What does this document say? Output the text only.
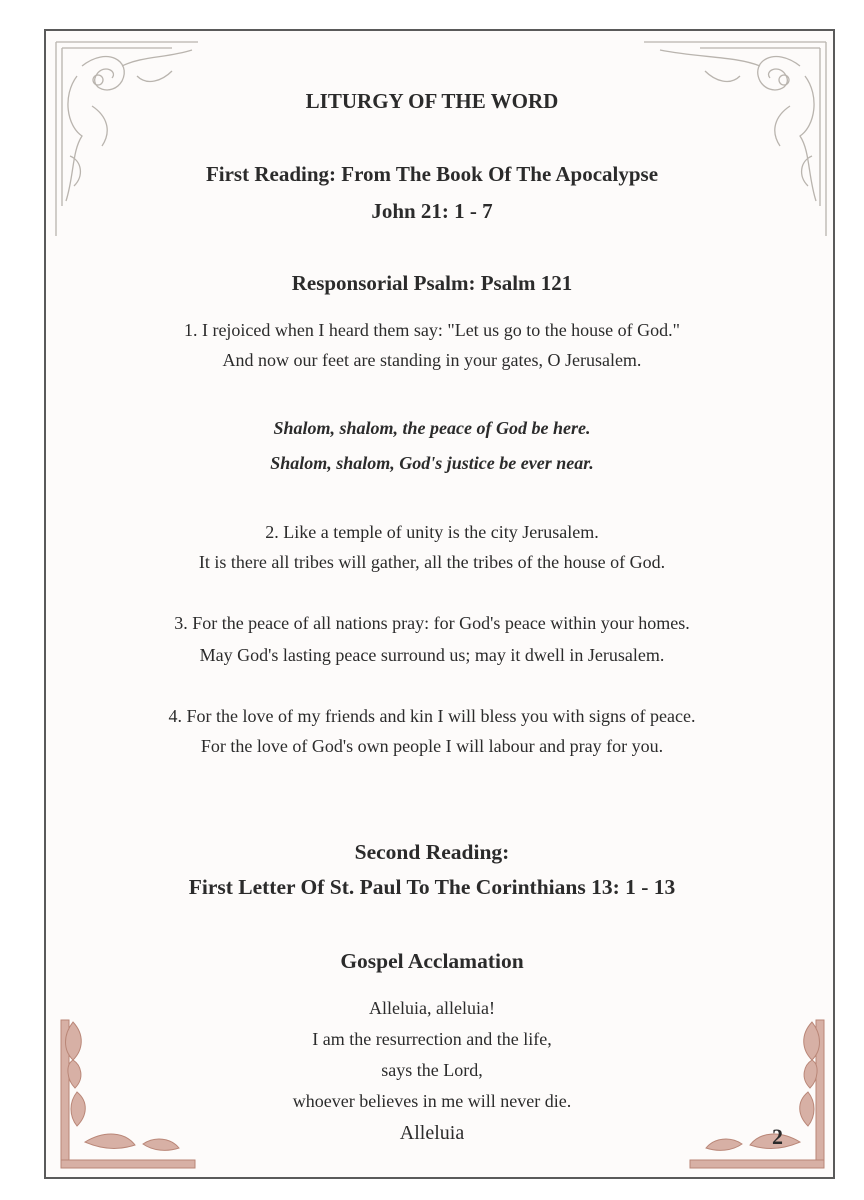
LITURGY OF THE WORD
First Reading: From The Book Of The Apocalypse
John 21: 1 - 7
Responsorial Psalm: Psalm 121
1. I rejoiced when I heard them say: "Let us go to the house of God."
And now our feet are standing in your gates, O Jerusalem.
Shalom, shalom, the peace of God be here.
Shalom, shalom, God's justice be ever near.
2. Like a temple of unity is the city Jerusalem.
It is there all tribes will gather, all the tribes of the house of God.
3. For the peace of all nations pray: for God's peace within your homes.
May God's lasting peace surround us; may it dwell in Jerusalem.
4. For the love of my friends and kin I will bless you with signs of peace.
For the love of God's own people I will labour and pray for you.
Second Reading:
First Letter Of St. Paul To The Corinthians 13: 1 - 13
Gospel Acclamation
Alleluia, alleluia!
I am the resurrection and the life,
says the Lord,
whoever believes in me will never die.
Alleluia	2
